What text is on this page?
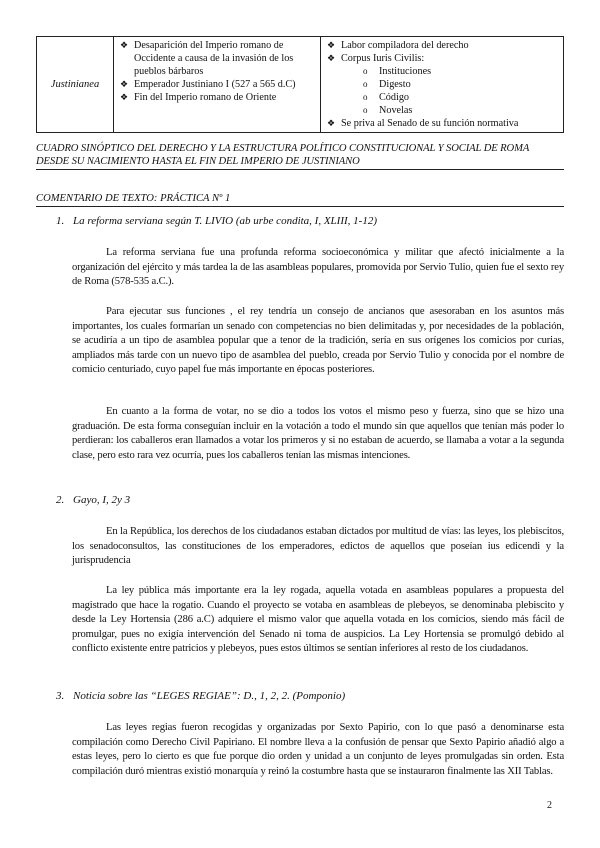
Justinianea	
❖ Desaparición del Imperio romano de Occidente a causa de la invasión de los pueblos bárbaros
❖ Emperador Justiniano I (527 a 565 d.C)
❖ Fin del Imperio romano de Oriente

❖ Labor compiladora del derecho
❖ Corpus Iuris Civilis:
o Instituciones
o Digesto
o Código
o Novelas
❖ Se priva al Senado de su función normativa

CUADRO SINÓPTICO DEL DERECHO Y LA ESTRUCTURA POLÍTICO CONSTITUCIONAL Y SOCIAL DE ROMA DESDE SU NACIMIENTO HASTA EL FIN DEL IMPERIO DE JUSTINIANO

COMENTARIO DE TEXTO: PRÁCTICA Nº 1

1. La reforma serviana según T. LIVIO (ab urbe condita, I, XLIII, 1-12)

La reforma serviana fue una profunda reforma socioeconómica y militar que afectó inicialmente a la organización del ejército y más tardea la de las asambleas populares, promovida por Servio Tulio, quien fue el sexto rey de Roma (578-535 a.C.).

Para ejecutar sus funciones , el rey tendría un consejo de ancianos que asesoraban en los asuntos más importantes, los cuales formarían un senado con competencias no bien delimitadas y, por necesidades de la población, se acudiría a un tipo de asamblea popular que a tenor de la tradición, sería en sus orígenes los comicios por curias, ampliados más tarde con un nuevo tipo de asamblea del pueblo, creada por Servio Tulio y conocida por el nombre de comicio centuriado, cuyo papel fue más importante en épocas posteriores.

En cuanto a la forma de votar, no se dio a todos los votos el mismo peso y fuerza, sino que se hizo una graduación. De esta forma conseguían incluir en la votación a todo el mundo sin que aquellos que tenían más poder lo perdieran: los caballeros eran llamados a votar los primeros y si no estaban de acuerdo, se llamaba a votar a la segunda clase, pero esto rara vez ocurría, pues los caballeros tenían las mismas intenciones.

2. Gayo, I, 2y 3

En la República, los derechos de los ciudadanos estaban dictados por multitud de vías: las leyes, los plebiscitos, los senadoconsultos, las constituciones de los emperadores, edictos de aquellos que poseían ius edicendi y la jurisprudencia

La ley pública más importante era la ley rogada, aquella votada en asambleas populares a propuesta del magistrado que hace la rogatio. Cuando el proyecto se votaba en asambleas de plebeyos, se denominaba plebiscito y desde la Ley Hortensia (286 a.C) adquiere el mismo valor que aquella votada en los comicios, siendo más fácil de promulgar, pues no exigía intervención del Senado ni toma de auspicios. La Ley Hortensia se promulgó debido al conflicto existente entre patricios y plebeyos, pues estos últimos se sentían inferiores al resto de los ciudadanos.

3. Noticia sobre las “LEGES REGIAE”: D., 1, 2, 2. (Pomponio)

Las leyes regias fueron recogidas y organizadas por Sexto Papirio, con lo que pasó a denominarse esta compilación como Derecho Civil Papiriano. El nombre lleva a la confusión de pensar que Sexto Papirio añadió algo a estas leyes, pero lo cierto es que fue porque dio orden y unidad a un conjunto de leyes promulgadas sin orden. Esta compilación duró mientras existió monarquía y reinó la costumbre hasta que se instauraron finalmente las XII Tablas.

2
